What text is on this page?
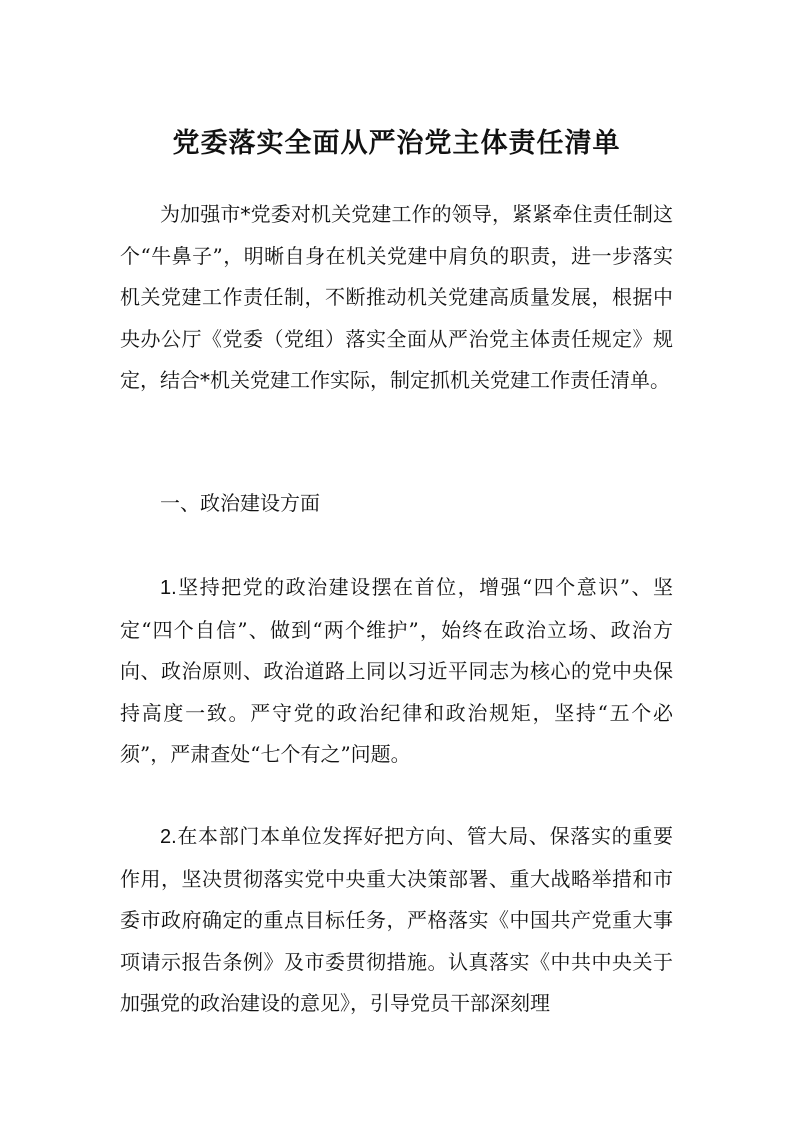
党委落实全面从严治党主体责任清单

为加强市*党委对机关党建工作的领导，紧紧牵住责任制这个“牛鼻子”，明晰自身在机关党建中肩负的职责，进一步落实机关党建工作责任制，不断推动机关党建高质量发展，根据中央办公厅《党委（党组）落实全面从严治党主体责任规定》规定，结合*机关党建工作实际，制定抓机关党建工作责任清单。

一、政治建设方面

1.坚持把党的政治建设摆在首位，增强“四个意识”、坚定“四个自信”、做到“两个维护”，始终在政治立场、政治方向、政治原则、政治道路上同以习近平同志为核心的党中央保持高度一致。严守党的政治纪律和政治规矩，坚持“五个必须”，严肃查处“七个有之”问题。

2.在本部门本单位发挥好把方向、管大局、保落实的重要作用，坚决贯彻落实党中央重大决策部署、重大战略举措和市委市政府确定的重点目标任务，严格落实《中国共产党重大事项请示报告条例》及市委贯彻措施。认真落实《中共中央关于加强党的政治建设的意见》，引导党员干部深刻理
